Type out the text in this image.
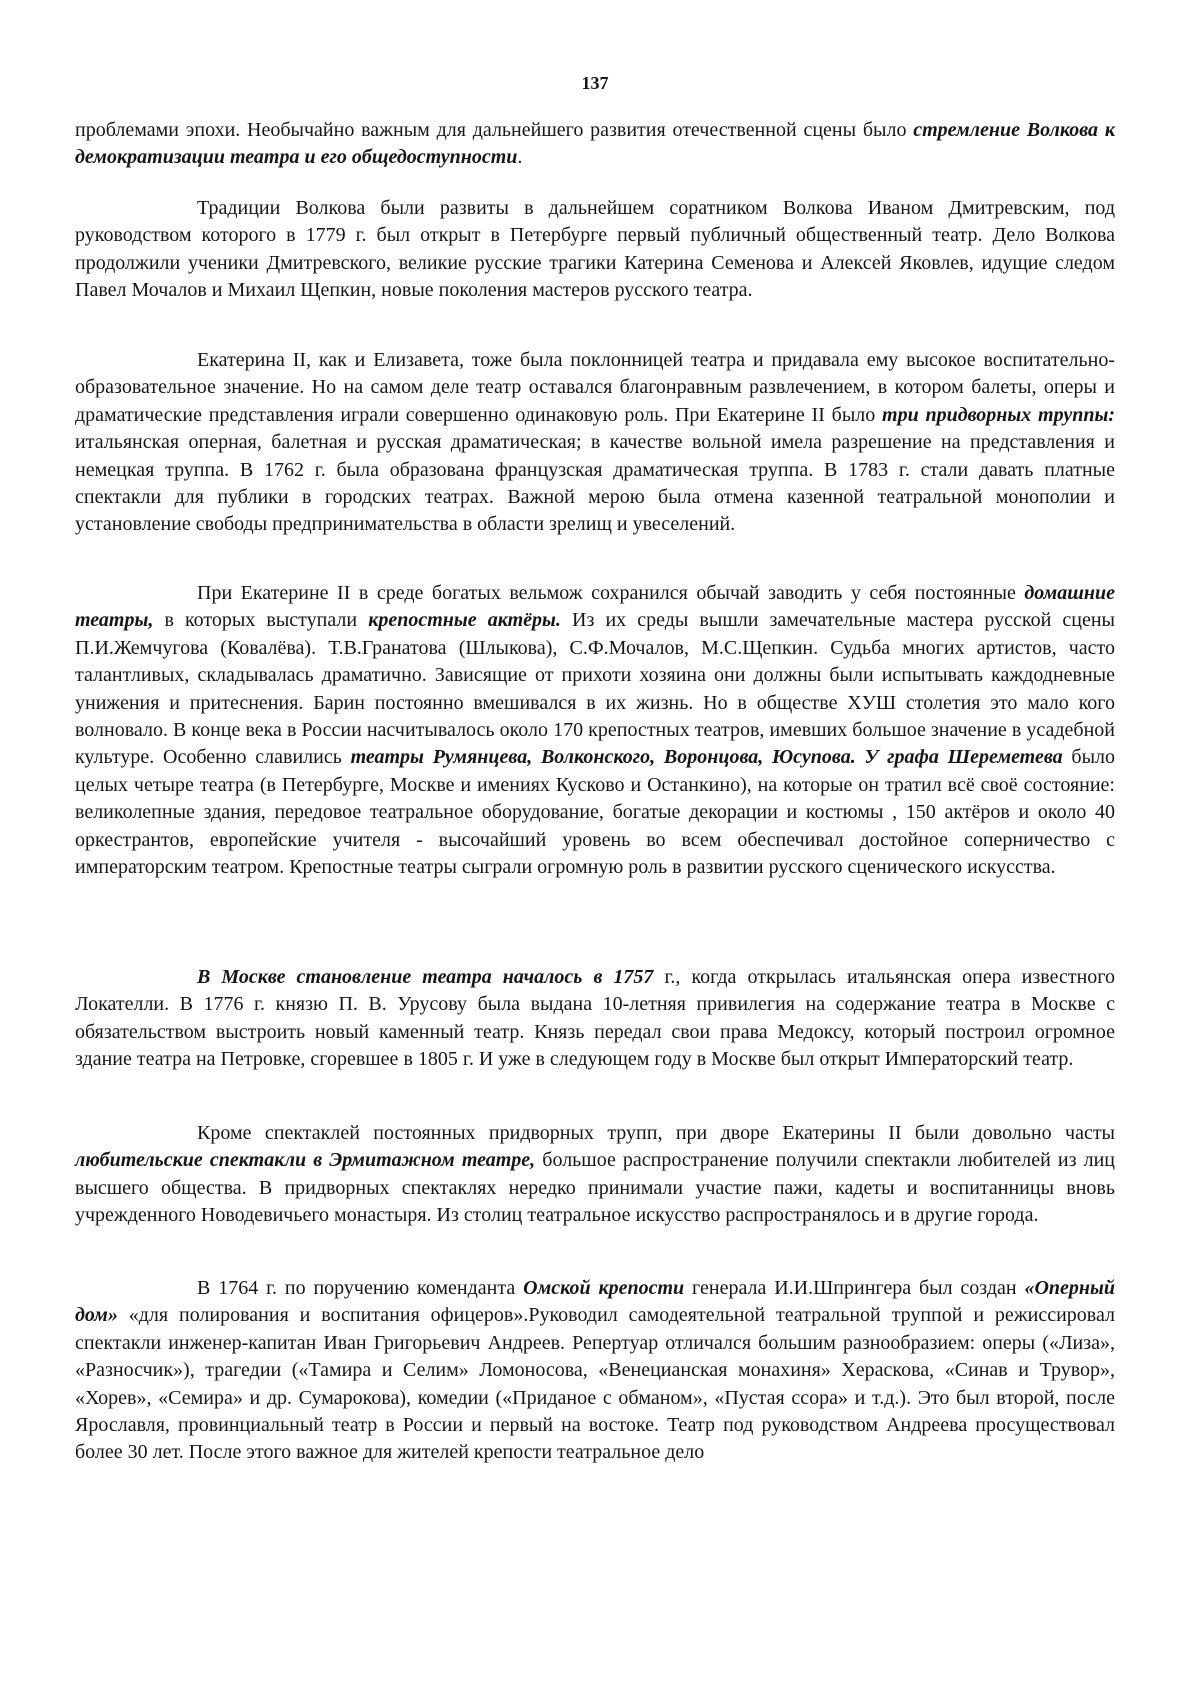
137

проблемами эпохи. Необычайно важным для дальнейшего развития отечественной сцены было стремление Волкова к демократизации театра и его общедоступности.

Традиции Волкова были развиты в дальнейшем соратником Волкова Иваном Дмитревским, под руководством которого в 1779 г. был открыт в Петербурге первый публичный общественный театр. Дело Волкова продолжили ученики Дмитревского, великие русские трагики Катерина Семенова и Алексей Яковлев, идущие следом Павел Мочалов и Михаил Щепкин, новые поколения мастеров русского театра.

Екатерина II, как и Елизавета, тоже была поклонницей театра и придавала ему высокое воспитательно-образовательное значение. Но на самом деле театр оставался благонравным развлечением, в котором балеты, оперы и драматические представления играли совершенно одинаковую роль. При Екатерине II было три придворных труппы: итальянская оперная, балетная и русская драматическая; в качестве вольной имела разрешение на представления и немецкая труппа. В 1762 г. была образована французская драматическая труппа. В 1783 г. стали давать платные спектакли для публики в городских театрах. Важной мерою была отмена казенной театральной монополии и установление свободы предпринимательства в области зрелищ и увеселений.

При Екатерине II в среде богатых вельмож сохранился обычай заводить у себя постоянные домашние театры, в которых выступали крепостные актёры. Из их среды вышли замечательные мастера русской сцены П.И.Жемчугова (Ковалёва). Т.В.Гранатова (Шлыкова), С.Ф.Мочалов, М.С.Щепкин. Судьба многих артистов, часто талантливых, складывалась драматично. Зависящие от прихоти хозяина они должны были испытывать каждодневные унижения и притеснения. Барин постоянно вмешивался в их жизнь. Но в обществе ХУШ столетия это мало кого волновало. В конце века в России насчитывалось около 170 крепостных театров, имевших большое значение в усадебной культуре. Особенно славились театры Румянцева, Волконского, Воронцова, Юсупова. У графа Шереметева было целых четыре театра (в Петербурге, Москве и имениях Кусково и Останкино), на которые он тратил всё своё состояние: великолепные здания, передовое театральное оборудование, богатые декорации и костюмы , 150 актёров и около 40 оркестрантов, европейские учителя - высочайший уровень во всем обеспечивал достойное соперничество с императорским театром. Крепостные театры сыграли огромную роль в развитии русского сценического искусства.

В Москве становление театра началось в 1757 г., когда открылась итальянская опера известного Локателли. В 1776 г. князю П. В. Урусову была выдана 10-летняя привилегия на содержание театра в Москве с обязательством выстроить новый каменный театр. Князь передал свои права Медоксу, который построил огромное здание театра на Петровке, сгоревшее в 1805 г. И уже в следующем году в Москве был открыт Императорский театр.

Кроме спектаклей постоянных придворных трупп, при дворе Екатерины II были довольно часты любительские спектакли в Эрмитажном театре, большое распространение получили спектакли любителей из лиц высшего общества. В придворных спектаклях нередко принимали участие пажи, кадеты и воспитанницы вновь учрежденного Новодевичьего монастыря. Из столиц театральное искусство распространялось и в другие города.

В 1764 г. по поручению коменданта Омской крепости генерала И.И.Шпрингера был создан «Оперный дом» «для полирования и воспитания офицеров».Руководил самодеятельной театральной труппой и режиссировал спектакли инженер-капитан Иван Григорьевич Андреев. Репертуар отличался большим разнообразием: оперы («Лиза», «Разносчик»), трагедии («Тамира и Селим» Ломоносова, «Венецианская монахиня» Хераскова, «Синав и Трувор», «Хорев», «Семира» и др. Сумарокова), комедии («Приданое с обманом», «Пустая ссора» и т.д.). Это был второй, после Ярославля, провинциальный театр в России и первый на востоке. Театр под руководством Андреева просуществовал более 30 лет. После этого важное для жителей крепости театральное дело
